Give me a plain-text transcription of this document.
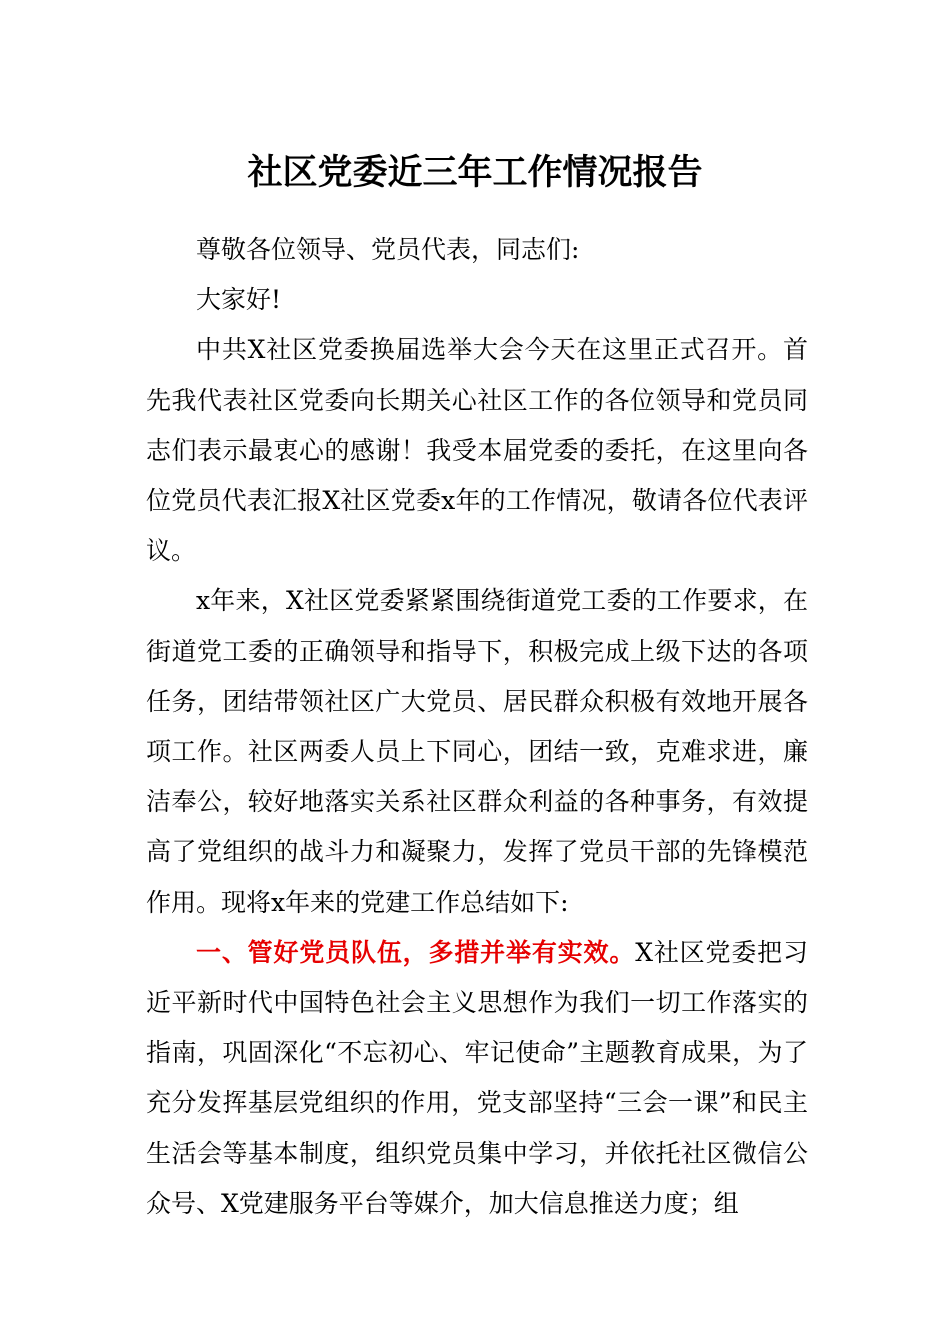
社区党委近三年工作情况报告

尊敬各位领导、党员代表，同志们:

大家好!

中共X社区党委换届选举大会今天在这里正式召开。首先我代表社区党委向长期关心社区工作的各位领导和党员同志们表示最衷心的感谢！我受本届党委的委托，在这里向各位党员代表汇报X社区党委x年的工作情况，敬请各位代表评议。

x年来，X社区党委紧紧围绕街道党工委的工作要求，在街道党工委的正确领导和指导下，积极完成上级下达的各项任务，团结带领社区广大党员、居民群众积极有效地开展各项工作。社区两委人员上下同心，团结一致，克难求进，廉洁奉公，较好地落实关系社区群众利益的各种事务，有效提高了党组织的战斗力和凝聚力，发挥了党员干部的先锋模范作用。现将x年来的党建工作总结如下:

一、管好党员队伍，多措并举有实效。X社区党委把习近平新时代中国特色社会主义思想作为我们一切工作落实的指南，巩固深化“不忘初心、牢记使命”主题教育成果，为了充分发挥基层党组织的作用，党支部坚持“三会一课”和民主生活会等基本制度，组织党员集中学习，并依托社区微信公众号、X党建服务平台等媒介，加大信息推送力度；组
